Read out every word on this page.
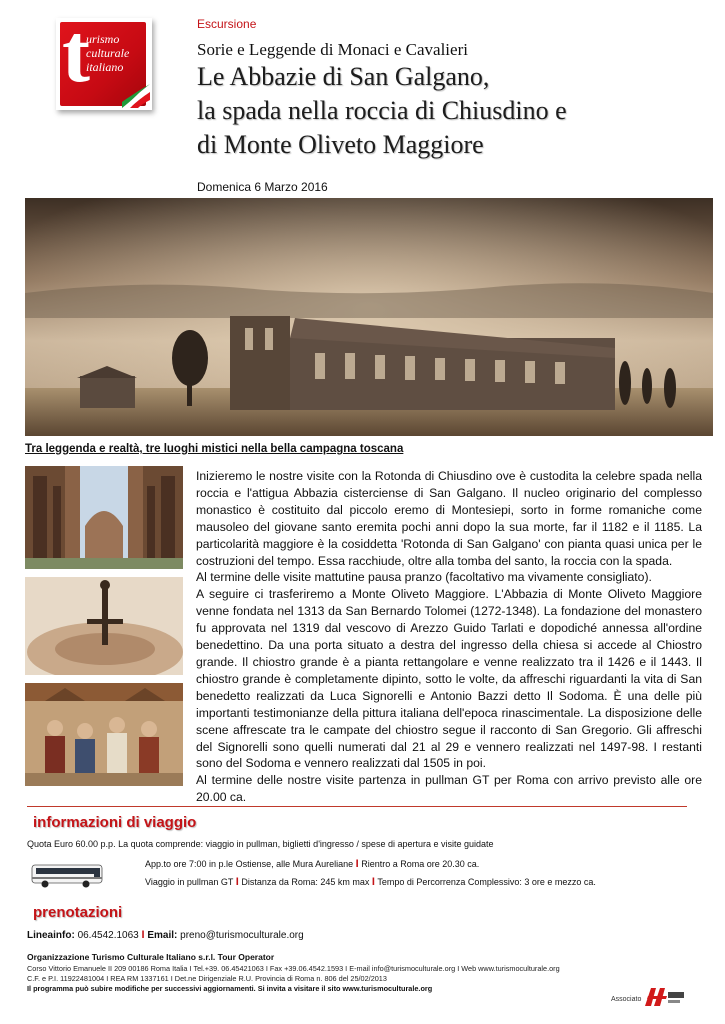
t
urismo
culturale
italiano
Escursione
Sorie e Leggende di Monaci e Cavalieri
Le Abbazie di San Galgano,
la spada nella roccia di Chiusdino e
di Monte Oliveto Maggiore
Domenica 6 Marzo 2016
Tra leggenda e realtà, tre luoghi mistici nella bella campagna toscana

Inizieremo le nostre visite con la Rotonda di Chiusdino ove è custodita la celebre spada nella roccia e l'attigua Abbazia cisterciense di San Galgano. Il nucleo originario del complesso monastico è costituito dal piccolo eremo di Montesiepi, sorto in forme romaniche come mausoleo del giovane santo eremita pochi anni dopo la sua morte, far il 1182 e il 1185. La particolarità maggiore è la cosiddetta 'Rotonda di San Galgano' con pianta quasi unica per le costruzioni del tempo. Essa racchiude, oltre alla tomba del santo, la roccia con la spada.

Al termine delle visite mattutine pausa pranzo (facoltativo ma vivamente consigliato).

A seguire ci trasferiremo a Monte Oliveto Maggiore. L'Abbazia di Monte Oliveto Maggiore venne fondata nel 1313 da San Bernardo Tolomei (1272-1348). La fondazione del monastero fu approvata nel 1319 dal vescovo di Arezzo Guido Tarlati e dopodiché annessa all'ordine benedettino. Da una porta situato a destra del ingresso della chiesa si accede al Chiostro grande. Il chiostro grande è a pianta rettangolare e venne realizzato tra il 1426 e il 1443. Il chiostro grande è completamente dipinto, sotto le volte, da affreschi riguardanti la vita di San benedetto realizzati da Luca Signorelli e Antonio Bazzi detto Il Sodoma. È una delle più importanti testimonianze della pittura italiana dell'epoca rinascimentale. La disposizione delle scene affrescate tra le campate del chiostro segue il racconto di San Gregorio. Gli affreschi del Signorelli sono quelli numerati dal 21 al 29 e vennero realizzati nel 1497-98. I restanti sono del Sodoma e vennero realizzati dal 1505 in poi.

Al termine delle nostre visite partenza in pullman GT per Roma con arrivo previsto alle ore 20.00 ca.

informazioni di viaggio
Quota Euro 60.00 p.p. La quota comprende: viaggio in pullman, biglietti d'ingresso / spese di apertura e visite guidate
App.to ore 7:00 in p.le Ostiense, alle Mura Aureliane I Rientro a Roma ore 20.30 ca.
Viaggio in pullman GT I Distanza da Roma: 245 km max I Tempo di Percorrenza Complessivo: 3 ore e mezzo ca.
prenotazioni
Lineainfo: 06.4542.1063 I Email: preno@turismoculturale.org
Organizzazione Turismo Culturale Italiano s.r.l. Tour Operator
Corso Vittorio Emanuele II 209 00186 Roma Italia I Tel.+39. 06.45421063 I Fax +39.06.4542.1593 I E-mail info@turismoculturale.org I Web www.turismoculturale.org
C.F. e P.I. 11922481004 I REA RM 1337161 I Det.ne Dirigenziale R.U. Provincia di Roma n. 806 del 25/02/2013
Il programma può subire modifiche per successivi aggiornamenti. Si invita a visitare il sito www.turismoculturale.org
Associato
